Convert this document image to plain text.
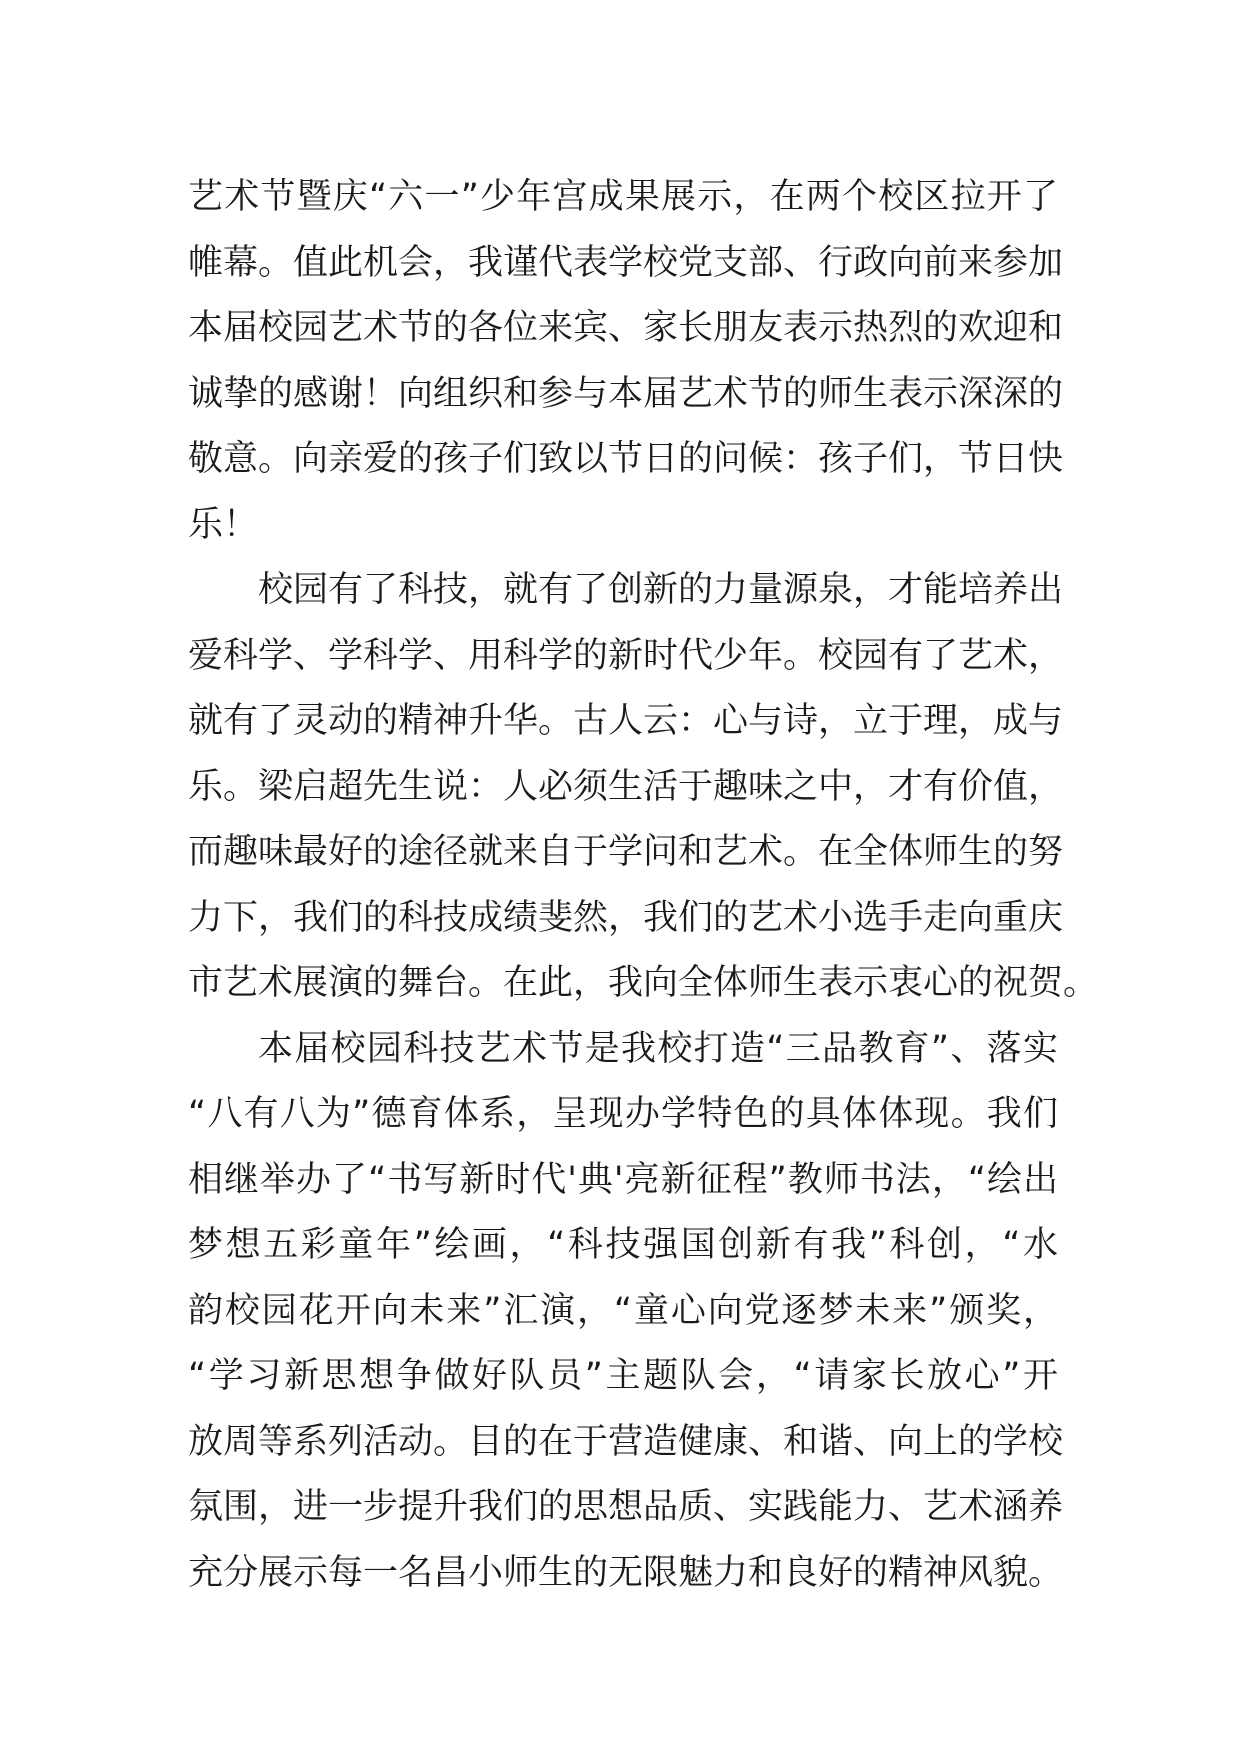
艺术节暨庆“六一”少年宫成果展示，在两个校区拉开了
帷幕。值此机会，我谨代表学校党支部、行政向前来参加
本届校园艺术节的各位来宾、家长朋友表示热烈的欢迎和
诚挚的感谢！向组织和参与本届艺术节的师生表示深深的
敬意。向亲爱的孩子们致以节日的问候：孩子们，节日快
乐！
校园有了科技，就有了创新的力量源泉，才能培养出
爱科学、学科学、用科学的新时代少年。校园有了艺术，
就有了灵动的精神升华。古人云：心与诗，立于理，成与
乐。梁启超先生说：人必须生活于趣味之中，才有价值，
而趣味最好的途径就来自于学问和艺术。在全体师生的努
力下，我们的科技成绩斐然，我们的艺术小选手走向重庆
市艺术展演的舞台。在此，我向全体师生表示衷心的祝贺。
本届校园科技艺术节是我校打造“三品教育”、落实
“八有八为”德育体系，呈现办学特色的具体体现。我们
相继举办了“书写新时代'典'亮新征程”教师书法，“绘出
梦想五彩童年”绘画，“科技强国创新有我”科创，“水
韵校园花开向未来”汇演，“童心向党逐梦未来”颁奖，
“学习新思想争做好队员”主题队会，“请家长放心”开
放周等系列活动。目的在于营造健康、和谐、向上的学校
氛围，进一步提升我们的思想品质、实践能力、艺术涵养
充分展示每一名昌小师生的无限魅力和良好的精神风貌。
